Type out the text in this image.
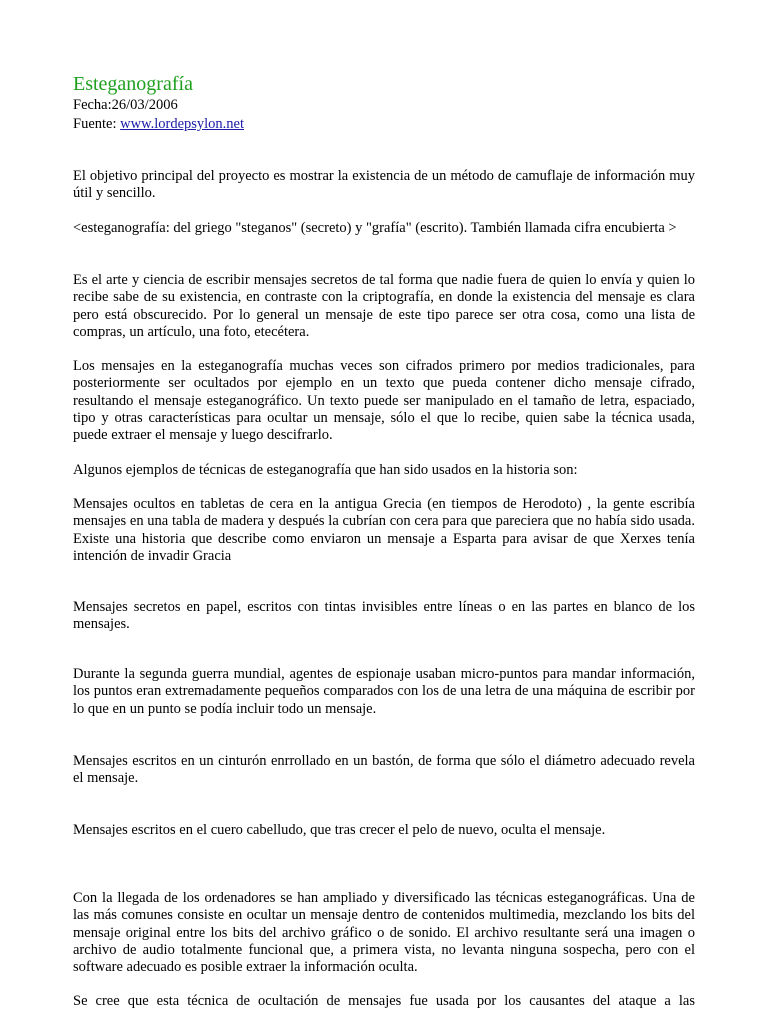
Esteganografía
Fecha:26/03/2006
Fuente: www.lordepsylon.net

El objetivo principal del proyecto es mostrar la existencia de un método de camuflaje de información muy útil y sencillo.

<esteganografía: del griego "steganos" (secreto) y "grafía" (escrito). También llamada cifra encubierta >

Es el arte y ciencia de escribir mensajes secretos de tal forma que nadie fuera de quien lo envía y quien lo recibe sabe de su existencia, en contraste con la criptografía, en donde la existencia del mensaje es clara pero está obscurecido. Por lo general un mensaje de este tipo parece ser otra cosa, como una lista de compras, un artículo, una foto, etecétera.

Los mensajes en la esteganografía muchas veces son cifrados primero por medios tradicionales, para posteriormente ser ocultados por ejemplo en un texto que pueda contener dicho mensaje cifrado, resultando el mensaje esteganográfico. Un texto puede ser manipulado en el tamaño de letra, espaciado, tipo y otras características para ocultar un mensaje, sólo el que lo recibe, quien sabe la técnica usada, puede extraer el mensaje y luego descifrarlo.

Algunos ejemplos de técnicas de esteganografía que han sido usados en la historia son:

Mensajes ocultos en tabletas de cera en la antigua Grecia (en tiempos de Herodoto) , la gente escribía mensajes en una tabla de madera y después la cubrían con cera para que pareciera que no había sido usada. Existe una historia que describe como enviaron un mensaje a Esparta para avisar de que Xerxes tenía intención de invadir Gracia

Mensajes secretos en papel, escritos con tintas invisibles entre líneas o en las partes en blanco de los mensajes.

Durante la segunda guerra mundial, agentes de espionaje usaban micro-puntos para mandar información, los puntos eran extremadamente pequeños comparados con los de una letra de una máquina de escribir por lo que en un punto se podía incluir todo un mensaje.

Mensajes escritos en un cinturón enrrollado en un bastón, de forma que sólo el diámetro adecuado revela el mensaje.

Mensajes escritos en el cuero cabelludo, que tras crecer el pelo de nuevo, oculta el mensaje.

Con la llegada de los ordenadores se han ampliado y diversificado las técnicas esteganográficas. Una de las más comunes consiste en ocultar un mensaje dentro de contenidos multimedia, mezclando los bits del mensaje original entre los bits del archivo gráfico o de sonido. El archivo resultante será una imagen o archivo de audio totalmente funcional que, a primera vista, no levanta ninguna sospecha, pero con el software adecuado es posible extraer la información oculta.

Se cree que esta técnica de ocultación de mensajes fue usada por los causantes del ataque a las
